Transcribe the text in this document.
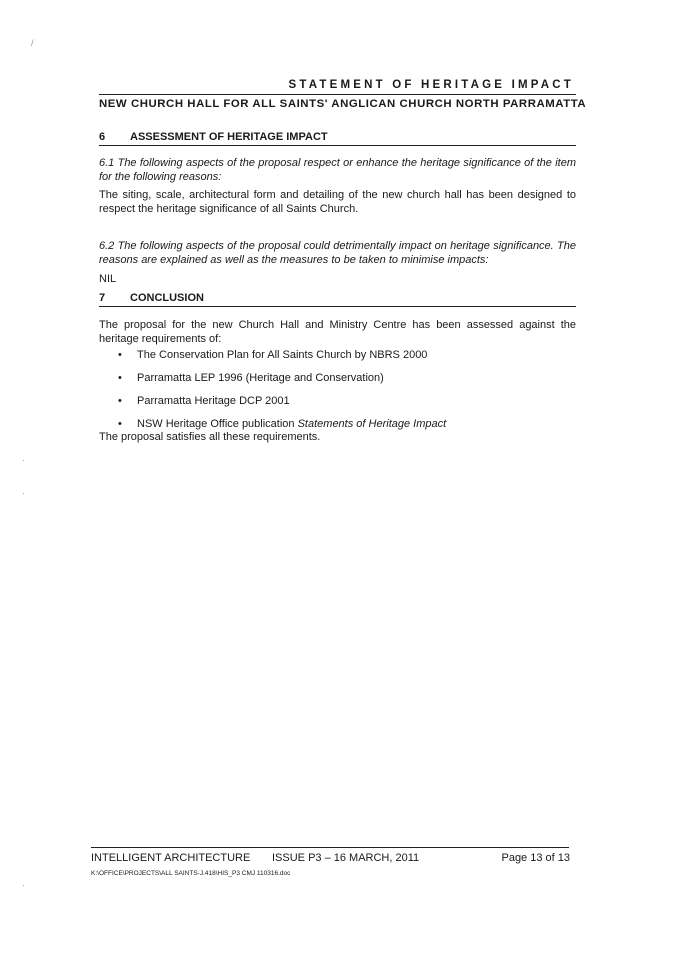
/
·
·
·
STATEMENT OF HERITAGE IMPACT
NEW CHURCH HALL FOR ALL SAINTS' ANGLICAN CHURCH NORTH PARRAMATTA
6 ASSESSMENT OF HERITAGE IMPACT
6.1 The following aspects of the proposal respect or enhance the heritage significance of the item for the following reasons:
The siting, scale, architectural form and detailing of the new church hall has been designed to respect the heritage significance of all Saints Church.
6.2 The following aspects of the proposal could detrimentally impact on heritage significance. The reasons are explained as well as the measures to be taken to minimise impacts:
NIL
7 CONCLUSION
The proposal for the new Church Hall and Ministry Centre has been assessed against the heritage requirements of:
• The Conservation Plan for All Saints Church by NBRS 2000
• Parramatta LEP 1996 (Heritage and Conservation)
• Parramatta Heritage DCP 2001
• NSW Heritage Office publication Statements of Heritage Impact
The proposal satisfies all these requirements.
INTELLIGENT ARCHITECTURE ISSUE P3 – 16 MARCH, 2011	Page 13 of 13
K:\OFFICE\PROJECTS\ALL SAINTS-J.418\HIS_P3 CMJ 110316.doc
